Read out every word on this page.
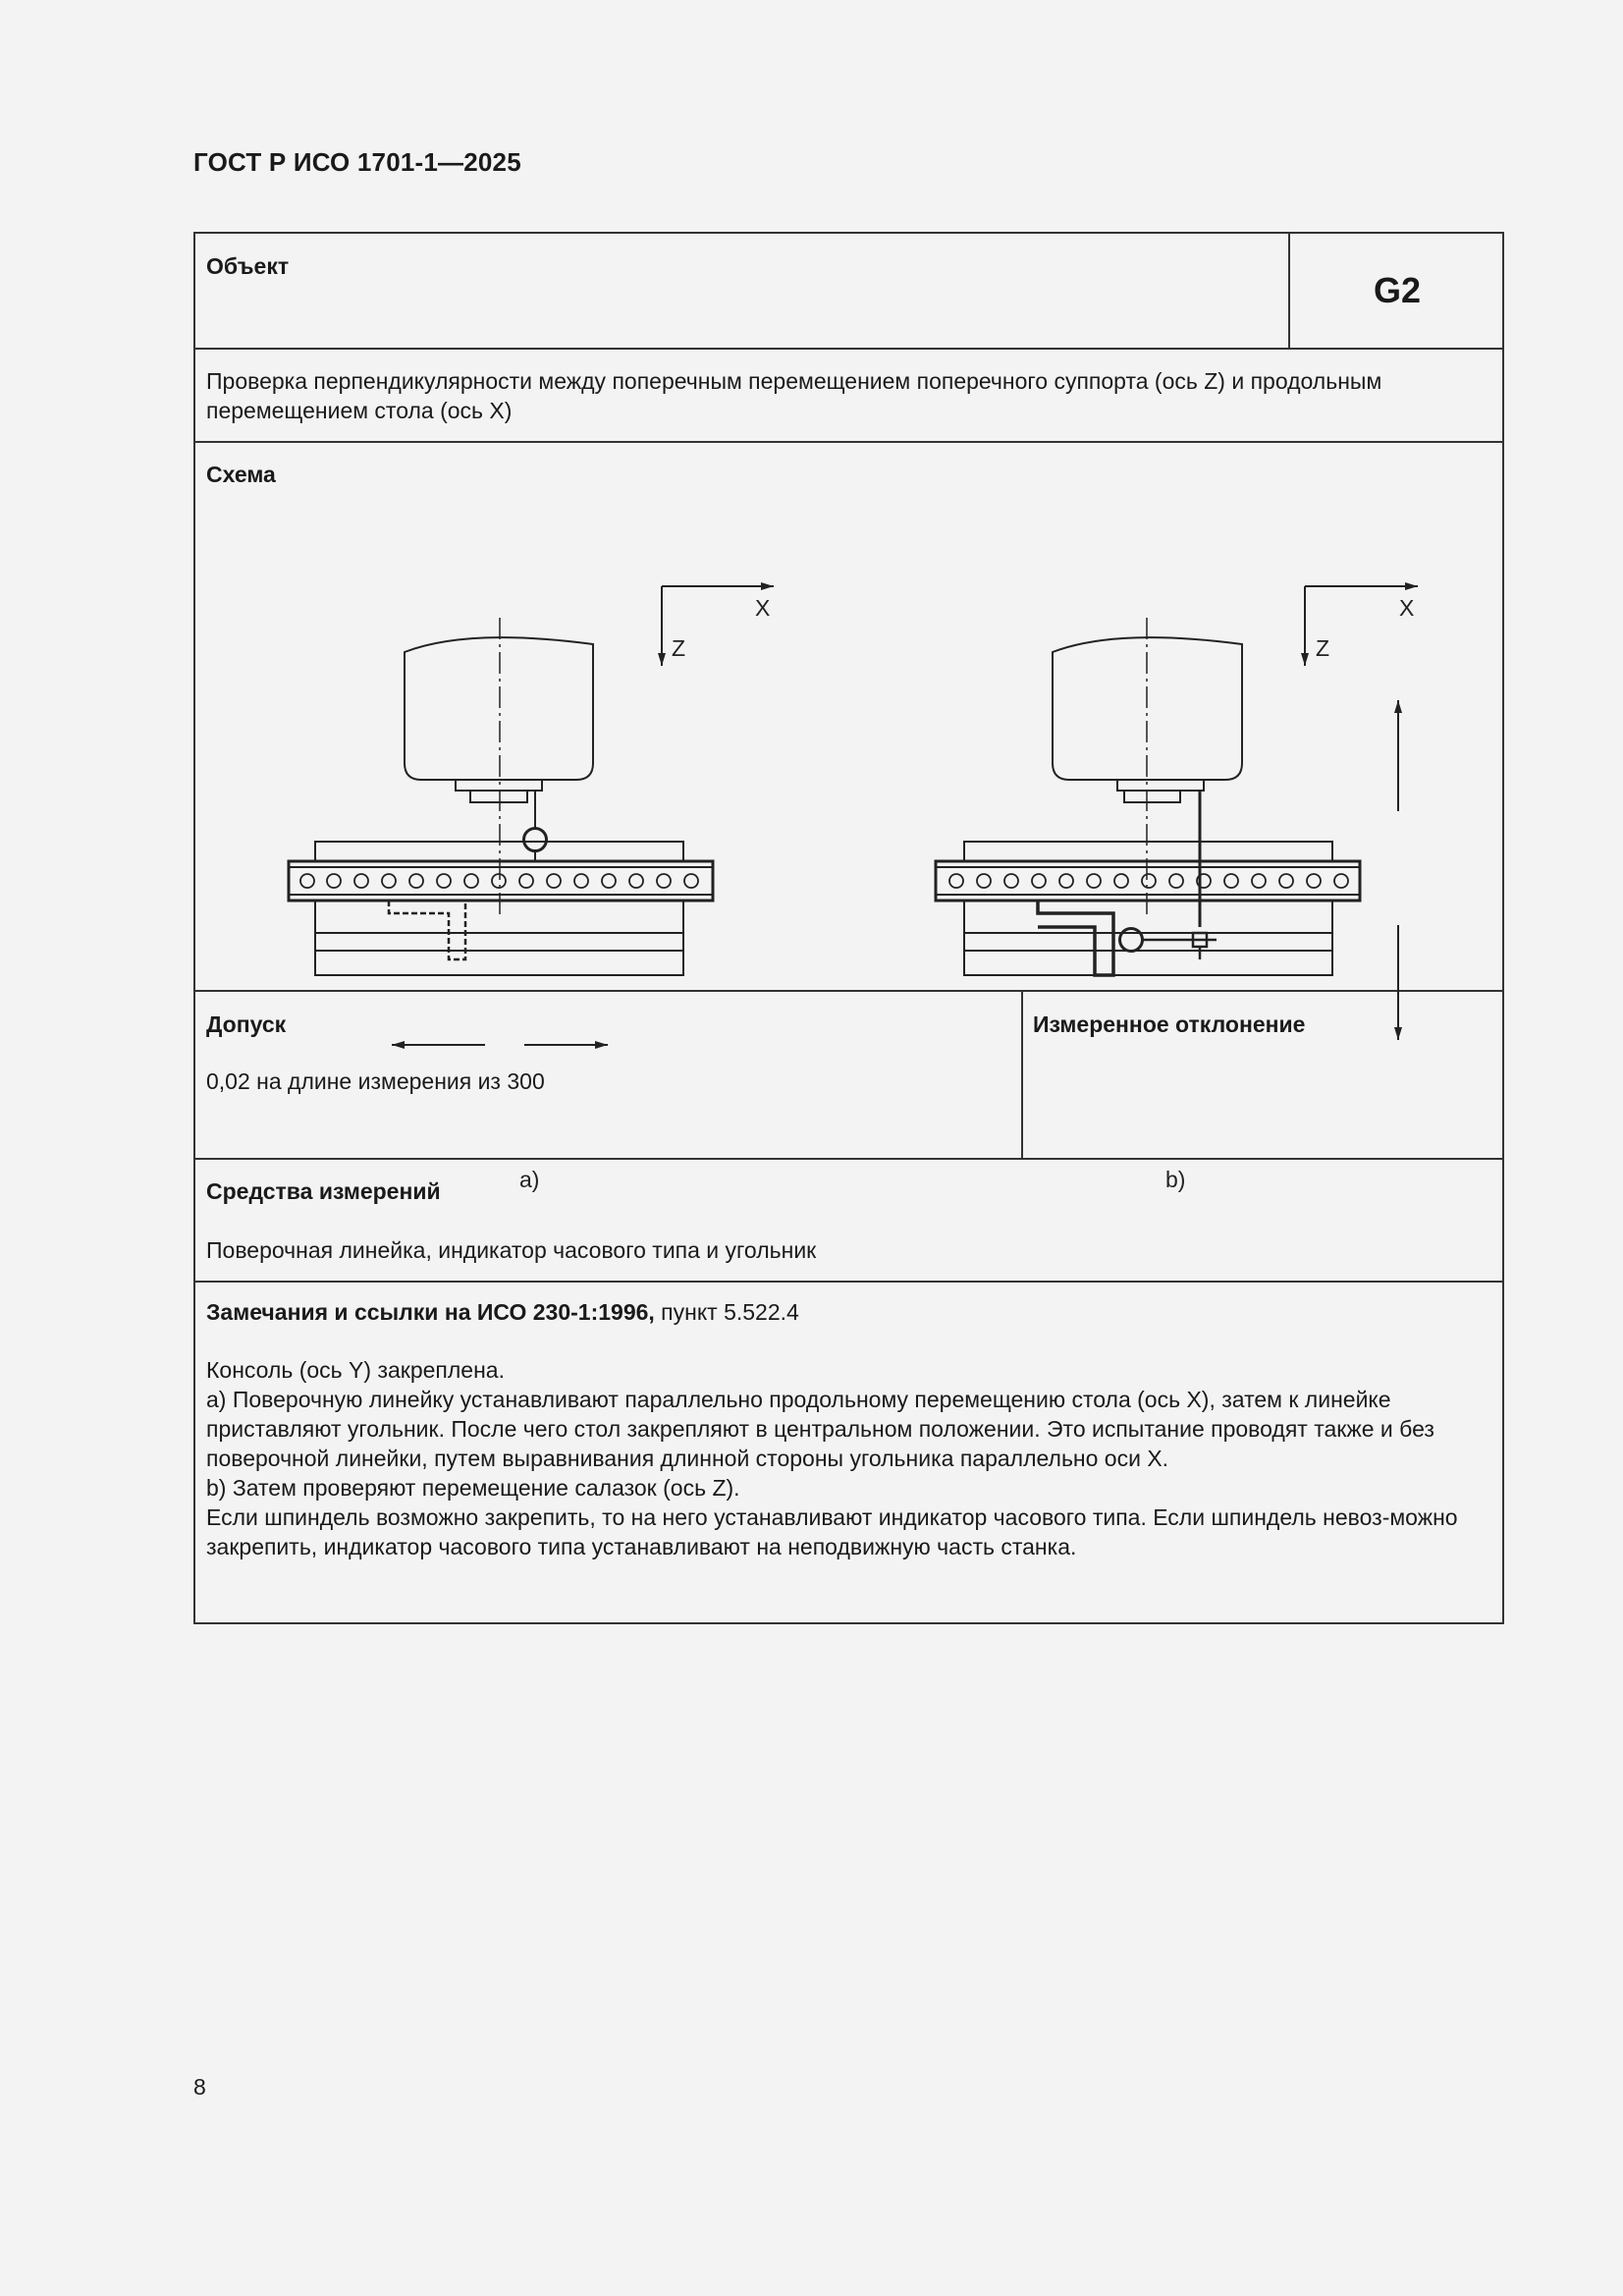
ГОСТ Р ИСО 1701-1—2025
Объект
G2
Проверка перпендикулярности между поперечным перемещением поперечного суппорта (ось Z) и продольным перемещением стола (ось X)
Схема
X
Z
X
Z
a)	b)
Допуск
0,02 на длине измерения из 300
Измеренное отклонение
Средства измерений
Поверочная линейка, индикатор часового типа и угольник

Замечания и ссылки на ИСО 230-1:1996, пункт 5.522.4

Консоль (ось Y) закреплена.

a) Поверочную линейку устанавливают параллельно продольному перемещению стола (ось X), затем к линейке приставляют угольник. После чего стол закрепляют в центральном положении. Это испытание проводят также и без поверочной линейки, путем выравнивания длинной стороны угольника параллельно оси X.

b) Затем проверяют перемещение салазок (ось Z).

Если шпиндель возможно закрепить, то на него устанавливают индикатор часового типа. Если шпиндель невоз-можно закрепить, индикатор часового типа устанавливают на неподвижную часть станка.

8
